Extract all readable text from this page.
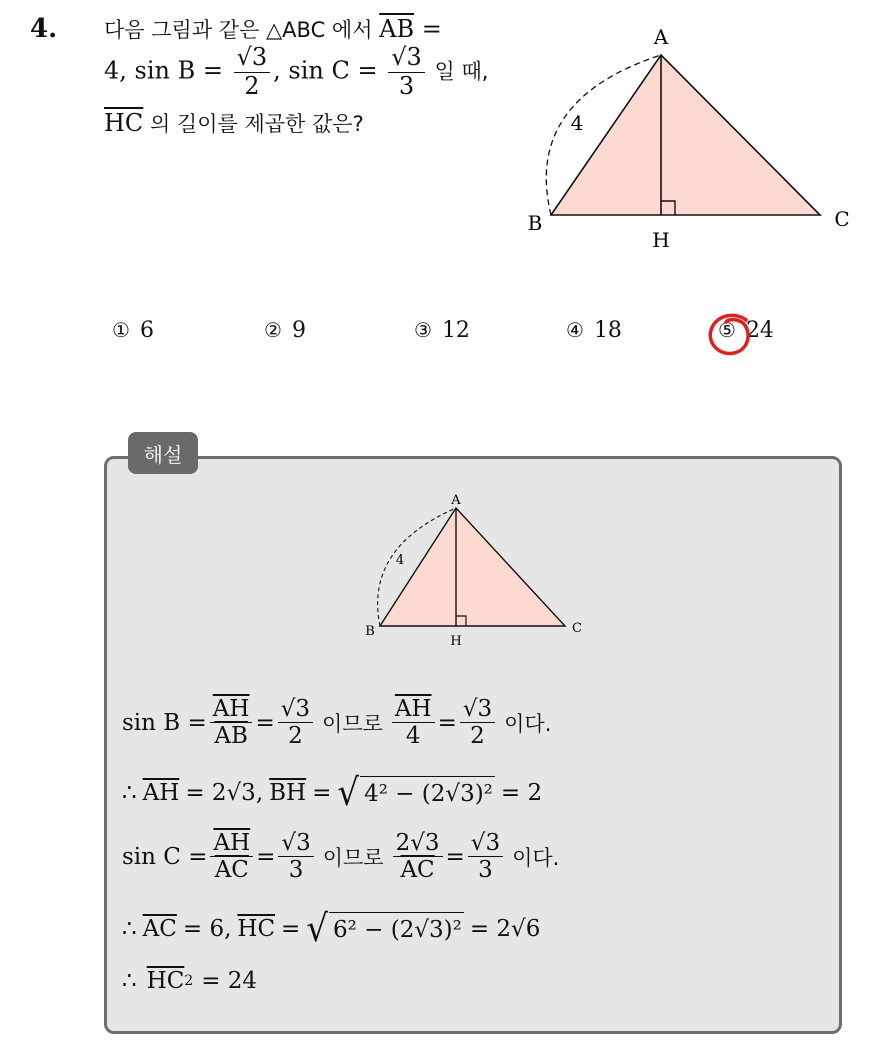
4. 다음 그림과 같은 △ABC 에서 $\overline{AB}$ =
4, $\sin B = \frac{√3}{2}$ , $\sin C = \frac{√3}{3}$ 일 때,
$\overline{HC}$ 의 길이를 제곱한 값은?
A
B	C
H
4
① 6	② 9	③ 12	④ 18	⑤ 24
해설
A
B	C
H
4
$\sin B = \frac{\overline{AH}}{AB} = \frac{√3}{2}$ 이므로 $\frac{\overline{AH}}{4} = \frac{√3}{2}$ 이다.
∴ $\overline{AH} = 2√3$, $\overline{BH}$ = √ 4² − (2√3)² = 2
$\sin C = \frac{\overline{AH}}{AC} = \frac{√3}{3}$ 이므로 $\frac{2√3}{AC} = \frac{√3}{3}$ 이다.
∴ $\overline{AC} = 6$, $\overline{HC}$ = √ 6² − (2√3)² = 2√6
∴ $\overline{HC}$ 2 = 24
